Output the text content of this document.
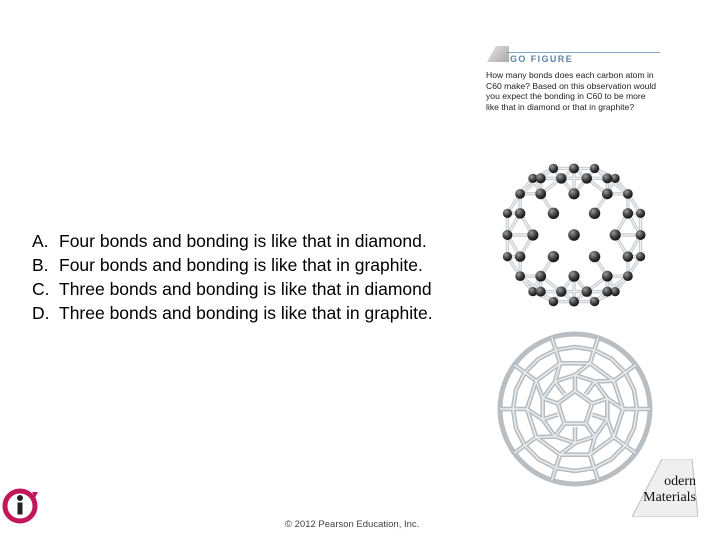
A. Four bonds and bonding is like that in diamond.
B. Four bonds and bonding is like that in graphite.
C. Three bonds and bonding is like that in diamond
D. Three bonds and bonding is like that in graphite.
GO FIGURE
How many bonds does each carbon atom in C60 make? Based on this observation would you expect the bonding in C60 to be more like that in diamond or that in graphite?
odern
Materials
© 2012 Pearson Education, Inc.
